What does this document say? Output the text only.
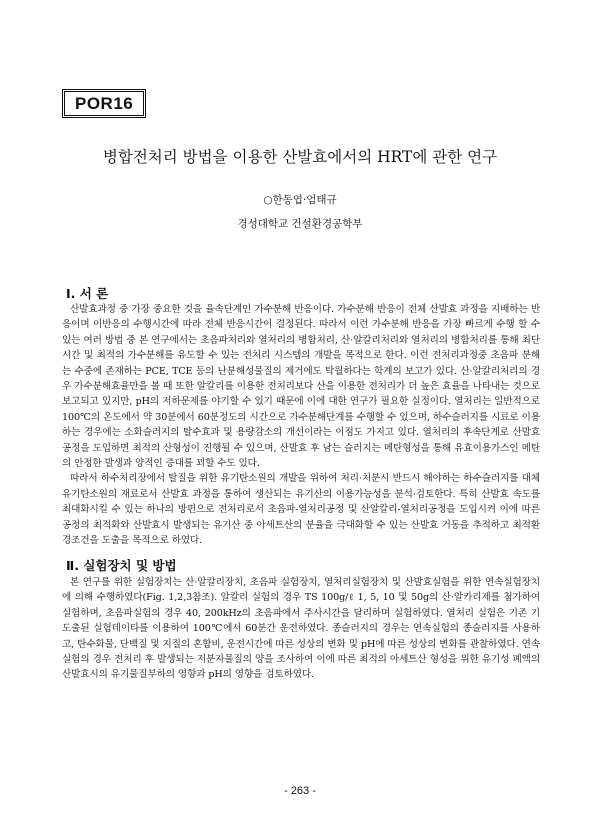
POR16
병합전처리 방법을 이용한 산발효에서의 HRT에 관한 연구
○한동엽·엄태규
경성대학교 건설환경공학부
Ⅰ. 서 론

산발효과정 중 가장 중요한 것을 율속단계인 가수분해 반응이다. 가수분해 반응이 전체 산발효 과정을 지배하는 반응이며 이반응의 수행시간에 따라 전체 반응시간이 결정된다. 따라서 이런 가수분해 반응을 가장 빠르게 수행 할 수 있는 여러 방법 중 본 연구에서는 초음파처리와 열처리의 병합처리, 산·알칼리처리와 열처리의 병합처리를 통해 최단시간 및 최적의 가수분해를 유도할 수 있는 전처리 시스템의 개발을 목적으로 한다. 이런 전처리과정중 초음파 분해는 수중에 존재하는 PCE, TCE 등의 난분해성물질의 제거에도 탁월하다는 학계의 보고가 있다. 산·알칼리처리의 경우 가수분해효율만을 볼 때 또한 알칼리를 이용한 전처리보다 산을 이용한 전처리가 더 높은 효율을 나타내는 것으로 보고되고 있지만, pH의 저하문제를 야기할 수 있기 때문에 이에 대한 연구가 필요한 실정이다. 열처리는 일반적으로 100℃의 온도에서 약 30분에서 60분정도의 시간으로 가수분해단계를 수행할 수 있으며, 하수슬러지를 시료로 이용하는 경우에는 소화슬러지의 탈수효과 및 용량감소의 개선이라는 이점도 가지고 있다. 열처리의 후속단계로 산발효공정을 도입하면 최적의 산형성이 진행될 수 있으며, 산발효 후 남는 슬러지는 메탄형성을 통해 유효이용가스인 메탄의 안정한 발생과 양적인 증대를 꾀할 수도 있다.

따라서 하수처리장에서 탈질을 위한 유기탄소원의 개발을 위하여 처리·처분시 반드시 해야하는 하수슬러지를 대체 유기탄소원의 재료로서 산발효 과정을 통하여 생산되는 유기산의 이용가능성을 분석·검토한다. 특히 산발효 속도를 최대화시킬 수 있는 하나의 방편으로 전처리로서 초음파-열처리공정 및 산알칼리-열처리공정을 도입시켜 이에 따른 공정의 최적화와 산발효시 발생되는 유기산 중 아세트산의 분율을 극대화할 수 있는 산발효 거동을 추적하고 최적환경조건을 도출을 목적으로 하였다.

Ⅱ. 실험장치 및 방법

본 연구를 위한 실험장치는 산·알칼리장치, 초음파 실험장치, 열처리실험장치 및 산발효실험을 위한 연속실험장치에 의해 수행하였다(Fig. 1,2,3참조). 알칼리 실험의 경우 TS 100g/ℓ 1, 5, 10 및 50g의 산·알카리제를 첨가하여 실험하며, 초음파실험의 경우 40, 200kHz의 초음파에서 주사시간을 달리하며 실험하였다. 열처리 실험은 기존 기도출된 실험데이타를 이용하여 100℃에서 60분간 운전하였다. 종슬러지의 경우는 연속실험의 종슬러지를 사용하고, 탄수화물, 단백질 및 지질의 혼합비, 운전시간에 따른 성상의 변화 및 pH에 따른 성상의 변화를 관찰하였다. 연속실험의 경우 전처리 후 발생되는 저분자물질의 양을 조사하여 이에 따른 최적의 아세트산 형성을 위한 유기성 폐액의 산발효시의 유기물질부하의 영향과 pH의 영향을 검토하였다.

- 263 -
